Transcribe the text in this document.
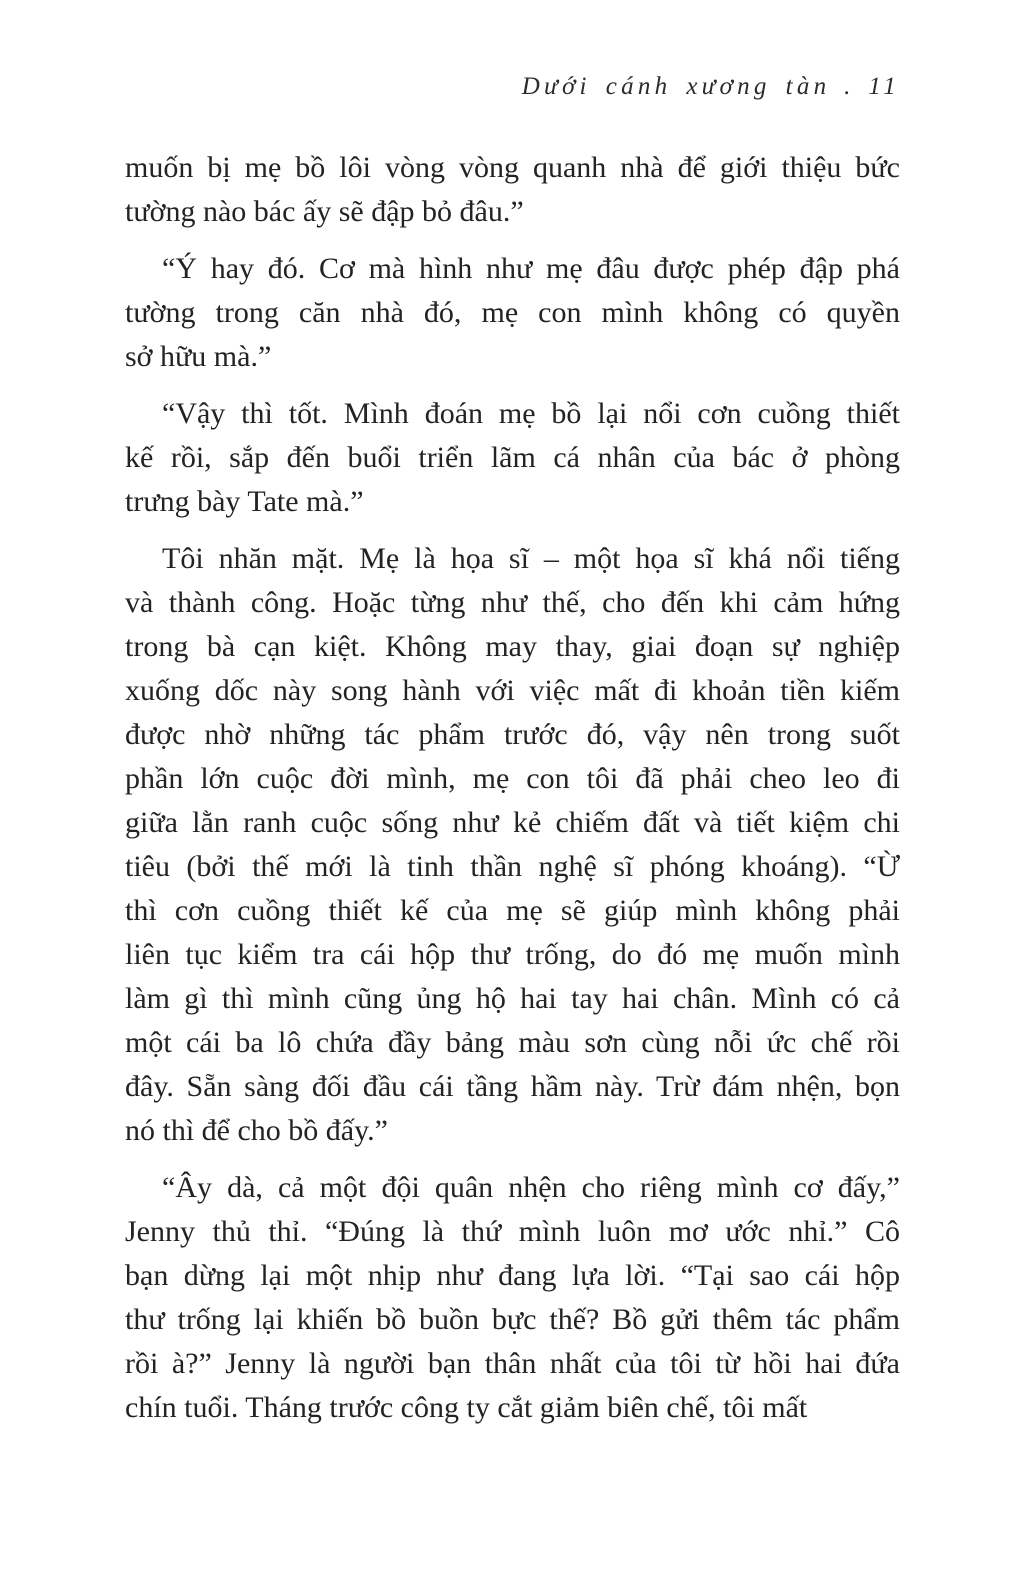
Dưới cánh xương tàn . 11
muốn bị mẹ bồ lôi vòng vòng quanh nhà để giới thiệu bức
tường nào bác ấy sẽ đập bỏ đâu.”
“Ý hay đó. Cơ mà hình như mẹ đâu được phép đập phá
tường trong căn nhà đó, mẹ con mình không có quyền
sở hữu mà.”
“Vậy thì tốt. Mình đoán mẹ bồ lại nổi cơn cuồng thiết
kế rồi, sắp đến buổi triển lãm cá nhân của bác ở phòng
trưng bày Tate mà.”
Tôi nhăn mặt. Mẹ là họa sĩ – một họa sĩ khá nổi tiếng
và thành công. Hoặc từng như thế, cho đến khi cảm hứng
trong bà cạn kiệt. Không may thay, giai đoạn sự nghiệp
xuống dốc này song hành với việc mất đi khoản tiền kiếm
được nhờ những tác phẩm trước đó, vậy nên trong suốt
phần lớn cuộc đời mình, mẹ con tôi đã phải cheo leo đi
giữa lằn ranh cuộc sống như kẻ chiếm đất và tiết kiệm chi
tiêu (bởi thế mới là tinh thần nghệ sĩ phóng khoáng). “Ừ
thì cơn cuồng thiết kế của mẹ sẽ giúp mình không phải
liên tục kiểm tra cái hộp thư trống, do đó mẹ muốn mình
làm gì thì mình cũng ủng hộ hai tay hai chân. Mình có cả
một cái ba lô chứa đầy bảng màu sơn cùng nỗi ức chế rồi
đây. Sẵn sàng đối đầu cái tầng hầm này. Trừ đám nhện, bọn
nó thì để cho bồ đấy.”
“Ây dà, cả một đội quân nhện cho riêng mình cơ đấy,”
Jenny thủ thỉ. “Đúng là thứ mình luôn mơ ước nhỉ.” Cô
bạn dừng lại một nhịp như đang lựa lời. “Tại sao cái hộp
thư trống lại khiến bồ buồn bực thế? Bồ gửi thêm tác phẩm
rồi à?” Jenny là người bạn thân nhất của tôi từ hồi hai đứa
chín tuổi. Tháng trước công ty cắt giảm biên chế, tôi mất
